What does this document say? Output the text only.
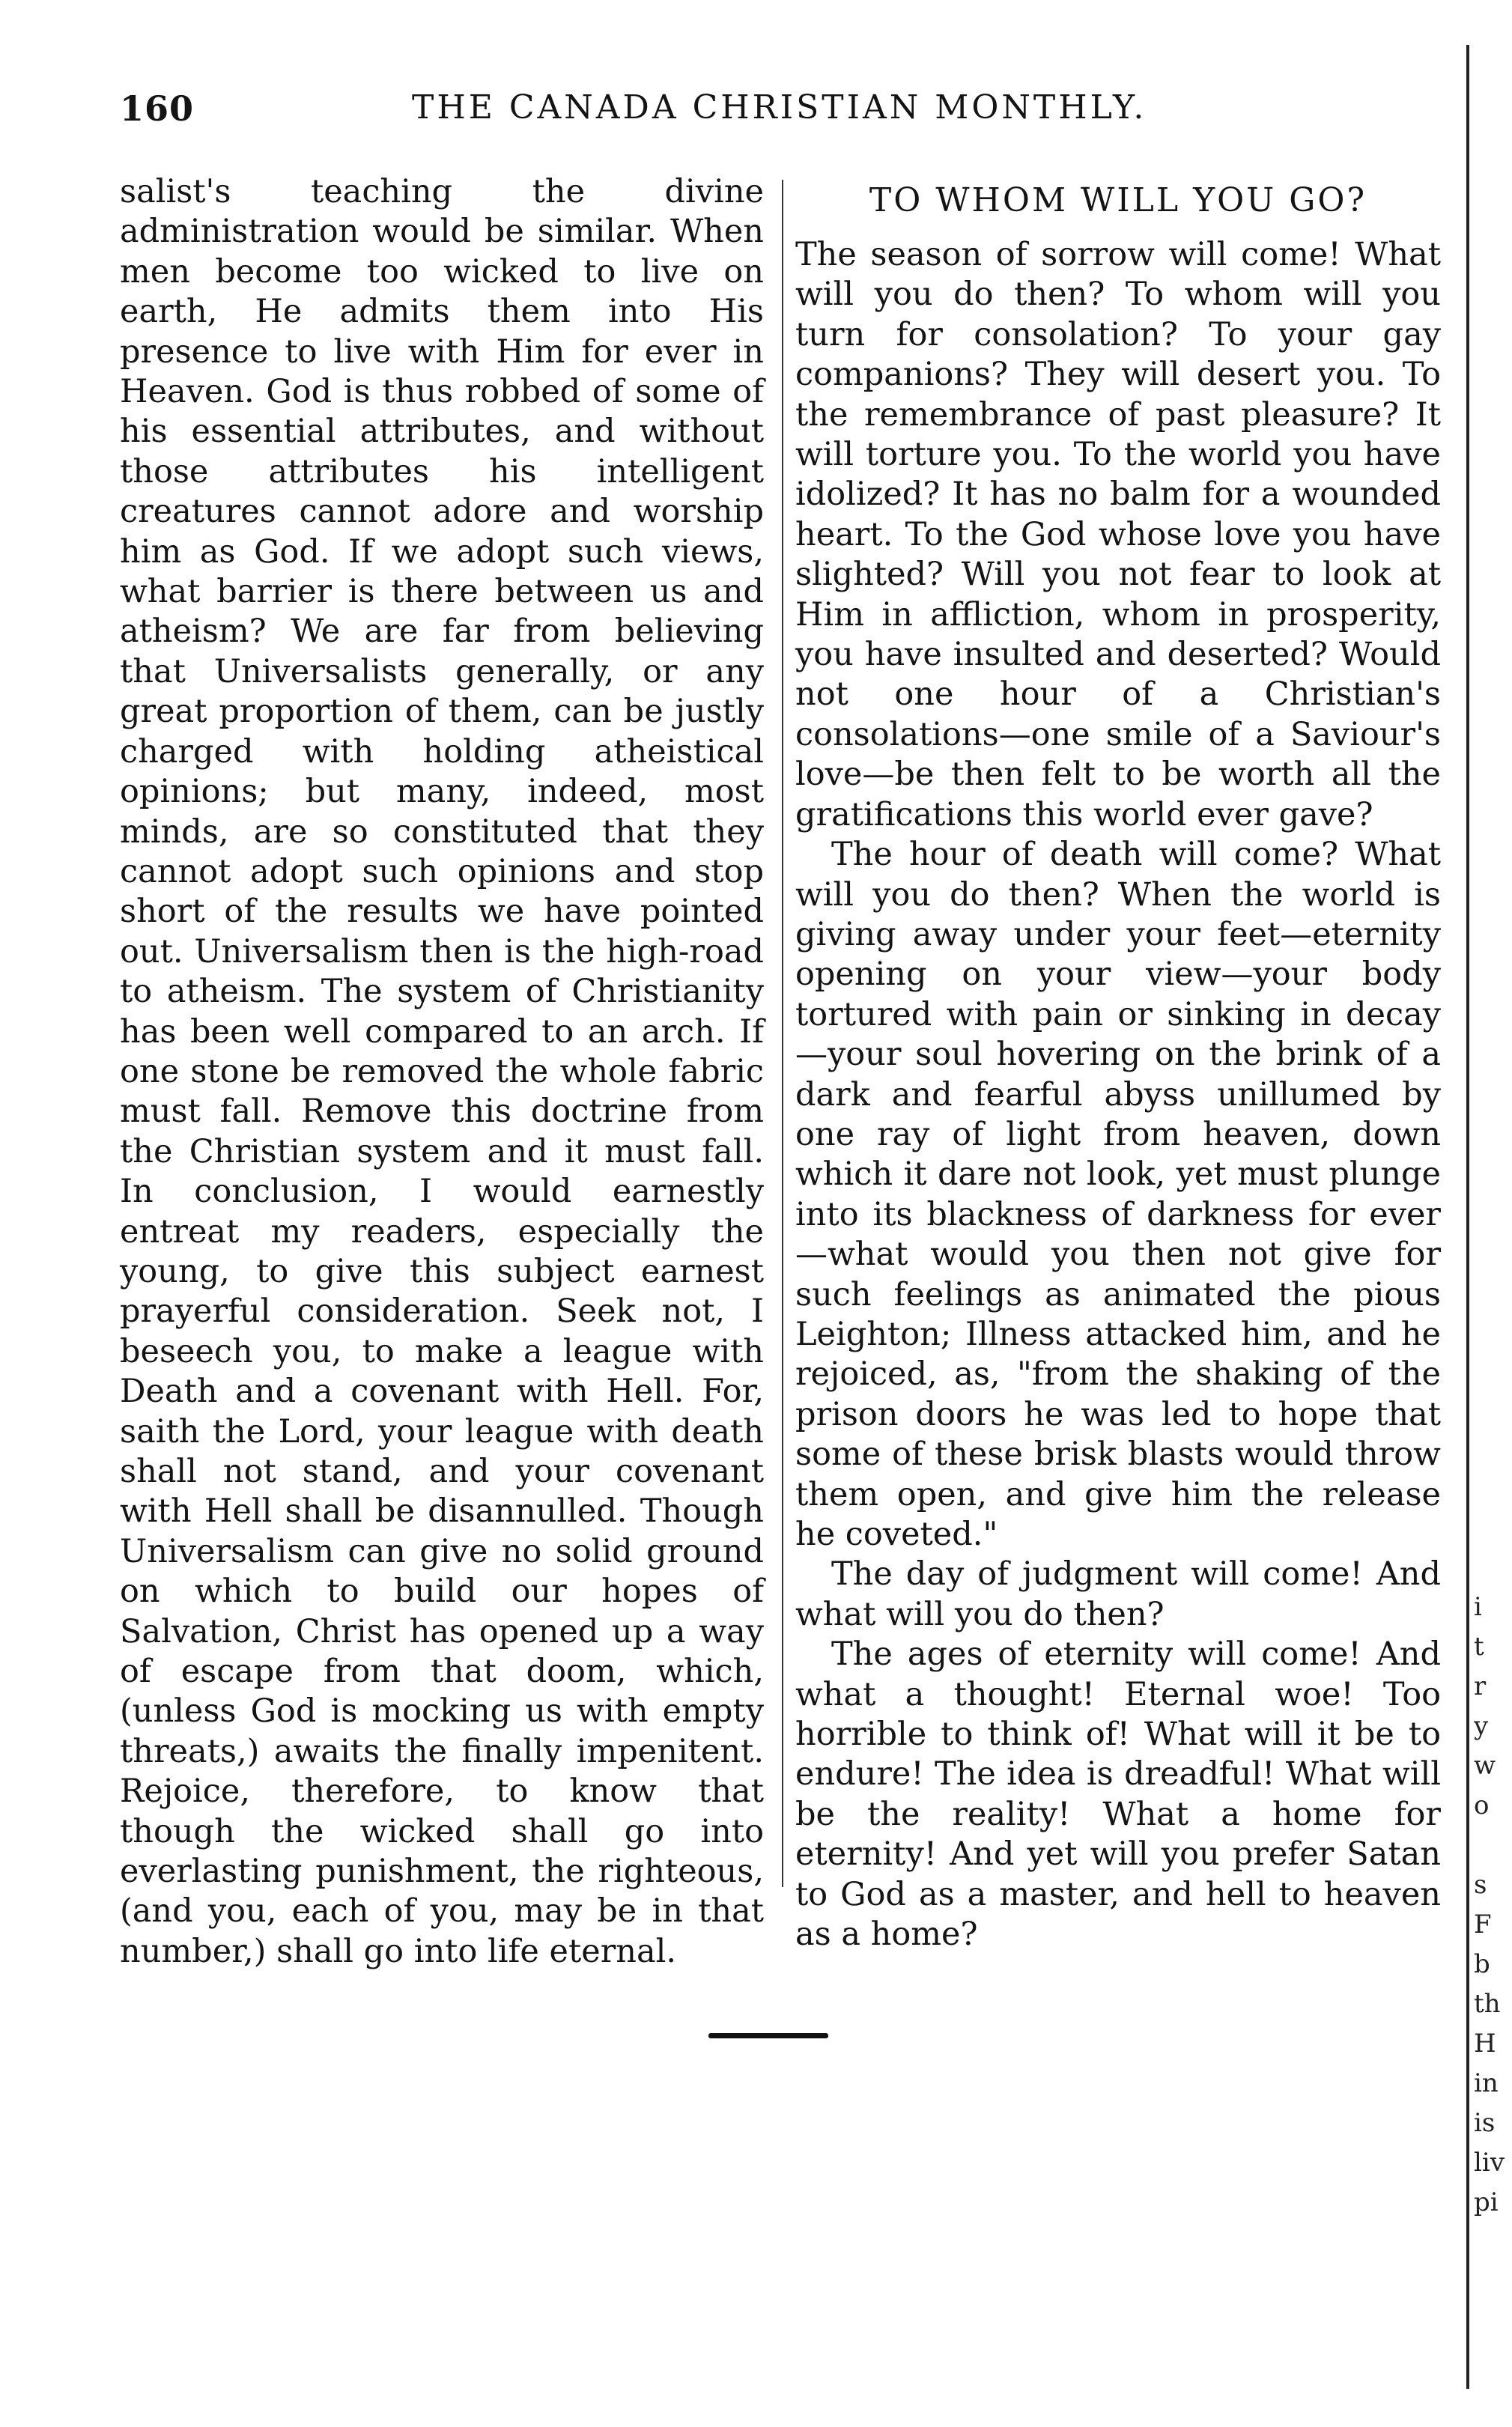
160	THE CANADA CHRISTIAN MONTHLY.

salist's teaching the divine administration would be similar. When men become too wicked to live on earth, He admits them into His presence to live with Him for ever in Heaven. God is thus robbed of some of his essential attributes, and without those attributes his intelligent creatures cannot adore and worship him as God. If we adopt such views, what barrier is there between us and atheism? We are far from believing that Universalists generally, or any great proportion of them, can be justly charged with holding atheistical opinions; but many, indeed, most minds, are so constituted that they cannot adopt such opinions and stop short of the results we have pointed out. Universalism then is the high-road to atheism. The system of Christianity has been well compared to an arch. If one stone be removed the whole fabric must fall. Remove this doctrine from the Christian system and it must fall. In conclusion, I would earnestly entreat my readers, especially the young, to give this subject earnest prayerful consideration. Seek not, I beseech you, to make a league with Death and a covenant with Hell. For, saith the Lord, your league with death shall not stand, and your covenant with Hell shall be disannulled. Though Universalism can give no solid ground on which to build our hopes of Salvation, Christ has opened up a way of escape from that doom, which, (unless God is mocking us with empty threats,) awaits the finally impenitent. Rejoice, therefore, to know that though the wicked shall go into everlasting punishment, the righteous, (and you, each of you, may be in that number,) shall go into life eternal.

TO WHOM WILL YOU GO?

The season of sorrow will come! What will you do then? To whom will you turn for consolation? To your gay companions? They will desert you. To the remembrance of past pleasure? It will torture you. To the world you have idolized? It has no balm for a wounded heart. To the God whose love you have slighted? Will you not fear to look at Him in affliction, whom in prosperity, you have insulted and deserted? Would not one hour of a Christian's consolations—one smile of a Saviour's love—be then felt to be worth all the gratifications this world ever gave?

The hour of death will come? What will you do then? When the world is giving away under your feet—eternity opening on your view—your body tortured with pain or sinking in decay—your soul hovering on the brink of a dark and fearful abyss unillumed by one ray of light from heaven, down which it dare not look, yet must plunge into its blackness of darkness for ever—what would you then not give for such feelings as animated the pious Leighton; Illness attacked him, and he rejoiced, as, "from the shaking of the prison doors he was led to hope that some of these brisk blasts would throw them open, and give him the release he coveted."

The day of judgment will come! And what will you do then?

The ages of eternity will come! And what a thought! Eternal woe! Too horrible to think of! What will it be to endure! The idea is dreadful! What will be the reality! What a home for eternity! And yet will you prefer Satan to God as a master, and hell to heaven as a home?

i
t
r
y
w
o
s
F
b
th
H
in
is
liv
pi
